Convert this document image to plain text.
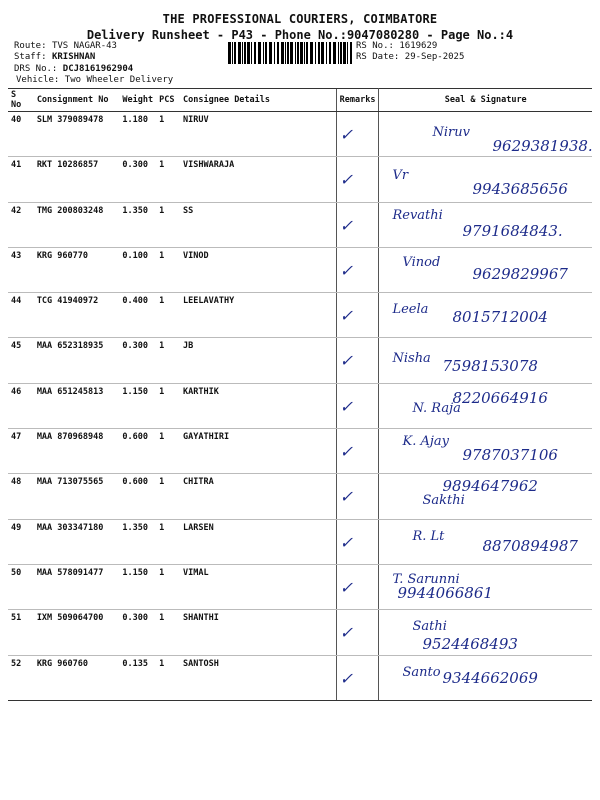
THE PROFESSIONAL COURIERS, COIMBATORE
Delivery Runsheet - P43 - Phone No.:9047080280 - Page No.:4
Route: TVS NAGAR-43
Staff: KRISHNAN
DRS No.: DCJ8161962904
Vehicle: Two Wheeler Delivery
RS No.: 1619629
RS Date: 29-Sep-2025
S No	Consignment No	Weight	PCS	Consignee Details	Remarks	Seal & Signature
40	SLM 379089478	1.180	1	NIRUV	✓	Niruv
9629381938.

41	RKT 10286857	0.300	1	VISHWARAJA	✓	Vr
9943685656

42	TMG 200803248	1.350	1	SS	✓	Revathi
9791684843.

43	KRG 960770	0.100	1	VINOD	✓	Vinod
9629829967

44	TCG 41940972	0.400	1	LEELAVATHY	✓	Leela 8015712004

45	MAA 652318935	0.300	1	JB	✓	Nisha 7598153078

46	MAA 651245813	1.150	1	KARTHIK	✓	N. Raja
8220664916

47	MAA 870968948	0.600	1	GAYATHIRI	✓	K. Ajay
9787037106

48	MAA 713075565	0.600	1	CHITRA	✓	Sakthi
9894647962

49	MAA 303347180	1.350	1	LARSEN	✓	R. Lt
8870894987

50	MAA 578091477	1.150	1	VIMAL	✓	T. Sarunni
9944066861

51	IXM 509064700	0.300	1	SHANTHI	✓	Sathi
9524468493

52	KRG 960760	0.135	1	SANTOSH	✓	Santo 9344662069
